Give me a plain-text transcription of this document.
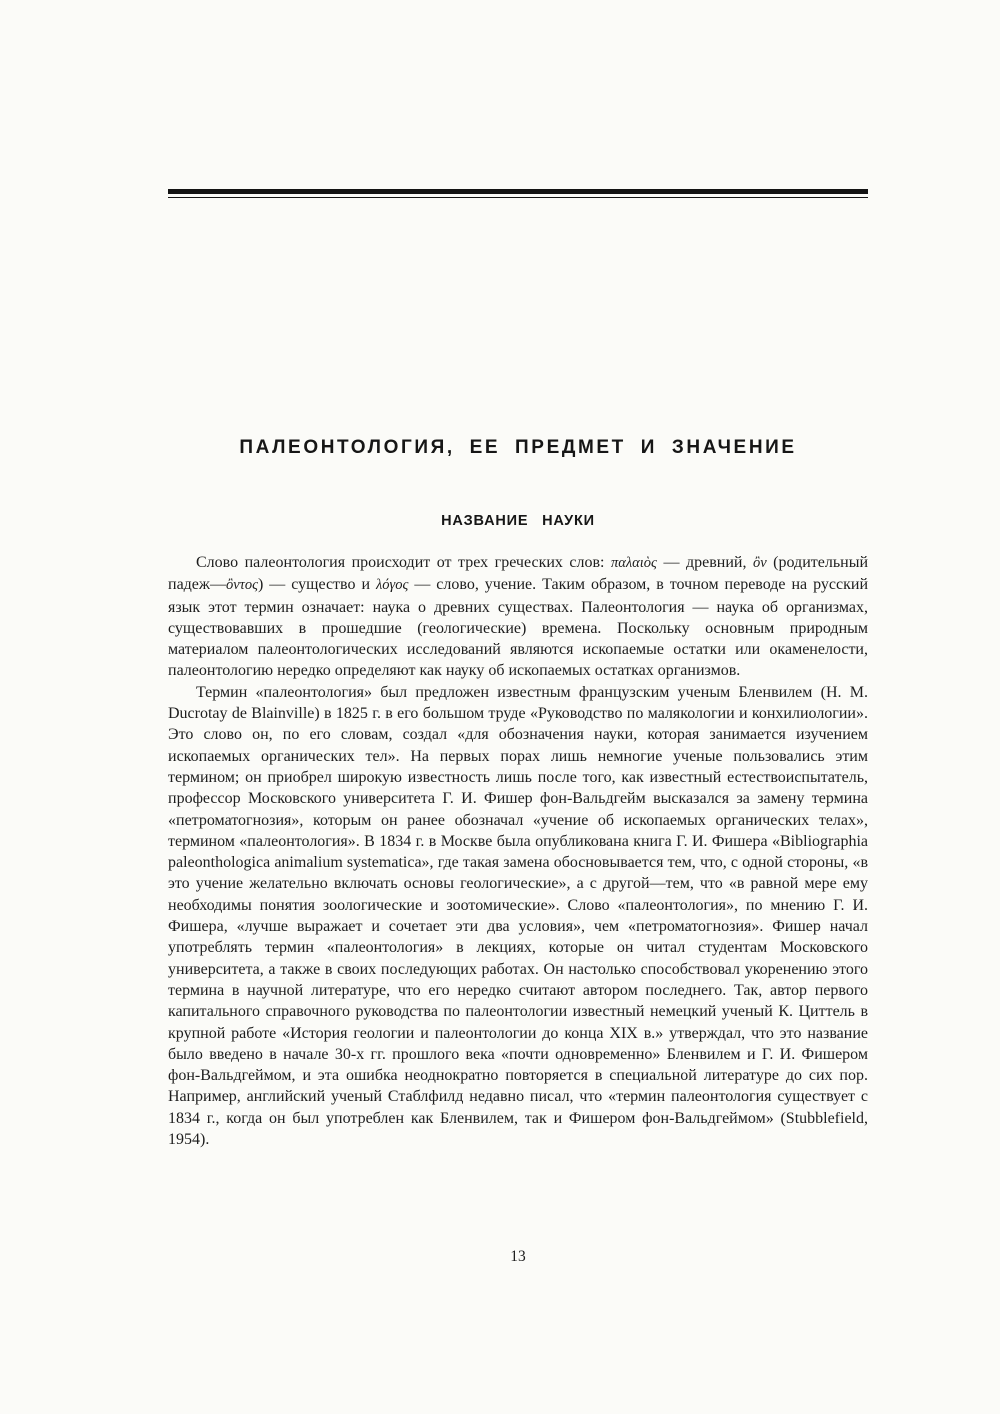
ПАЛЕОНТОЛОГИЯ, ЕЕ ПРЕДМЕТ И ЗНАЧЕНИЕ
НАЗВАНИЕ НАУКИ

Слово палеонтология происходит от трех греческих слов: παλαιὸς — древний, ὂν (родительный падеж—ὂντος) — существо и λόγος — слово, учение. Таким образом, в точном переводе на русский язык этот термин означает: наука о древних существах. Палеонтология — наука об организмах, существовавших в прошедшие (геологические) времена. Поскольку основным природным материалом палеонтологических исследований являются ископаемые остатки или окаменелости, палеонтологию нередко определяют как науку об ископаемых остатках организмов.

Термин «палеонтология» был предложен известным французским ученым Бленвилем (H. M. Ducrotay de Blainville) в 1825 г. в его большом труде «Руководство по малякологии и конхилиологии». Это слово он, по его словам, создал «для обозначения науки, которая занимается изучением ископаемых органических тел». На первых порах лишь немногие ученые пользовались этим термином; он приобрел широкую известность лишь после того, как известный естествоиспытатель, профессор Московского университета Г. И. Фишер фон-Вальдгейм высказался за замену термина «петроматогнозия», которым он ранее обозначал «учение об ископаемых органических телах», термином «палеонтология». В 1834 г. в Москве была опубликована книга Г. И. Фишера «Bibliographia paleonthologica animalium systematica», где такая замена обосновывается тем, что, с одной стороны, «в это учение желательно включать основы геологические», а с другой—тем, что «в равной мере ему необходимы понятия зоологические и зоотомические». Слово «палеонтология», по мнению Г. И. Фишера, «лучше выражает и сочетает эти два условия», чем «петроматогнозия». Фишер начал употреблять термин «палеонтология» в лекциях, которые он читал студентам Московского университета, а также в своих последующих работах. Он настолько способствовал укоренению этого термина в научной литературе, что его нередко считают автором последнего. Так, автор первого капитального справочного руководства по палеонтологии известный немецкий ученый К. Циттель в крупной работе «История геологии и палеонтологии до конца XIX в.» утверждал, что это название было введено в начале 30-х гг. прошлого века «почти одновременно» Бленвилем и Г. И. Фишером фон-Вальдгеймом, и эта ошибка неоднократно повторяется в специальной литературе до сих пор. Например, английский ученый Стаблфилд недавно писал, что «термин палеонтология существует с 1834 г., когда он был употреблен как Бленвилем, так и Фишером фон-Вальдгеймом» (Stubblefield, 1954).

13
